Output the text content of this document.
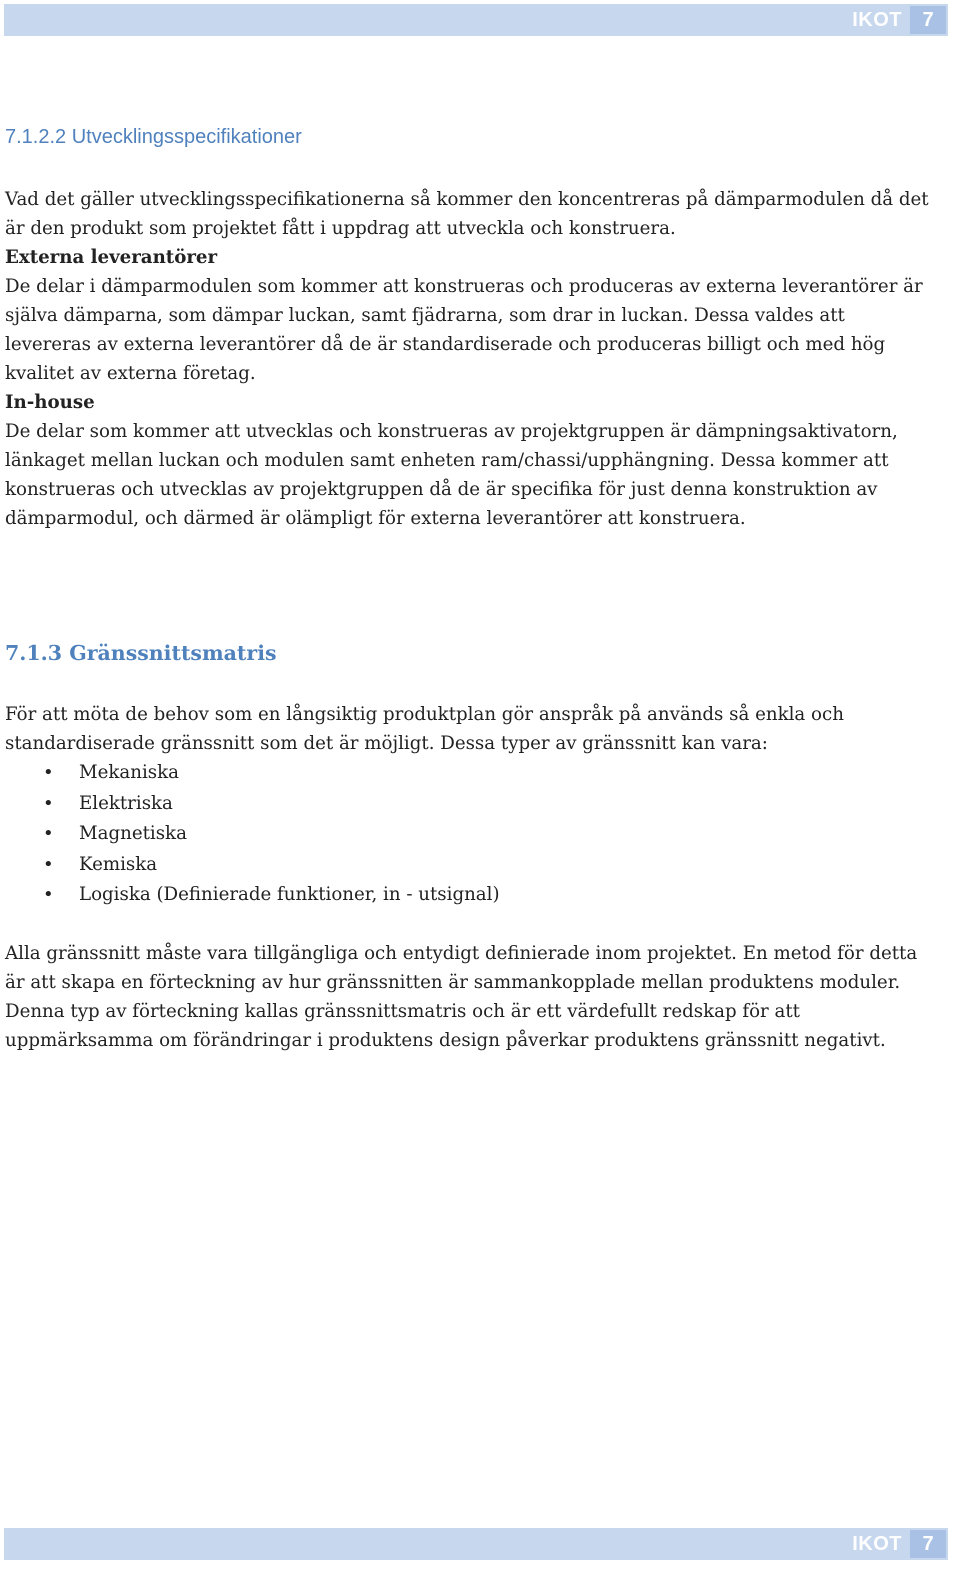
IKOT	7
7.1.2.2 Utvecklingsspecifikationer

Vad det gäller utvecklingsspecifikationerna så kommer den koncentreras på dämparmodulen då det är den produkt som projektet fått i uppdrag att utveckla och konstruera.

Externa leverantörer

De delar i dämparmodulen som kommer att konstrueras och produceras av externa leverantörer är själva dämparna, som dämpar luckan, samt fjädrarna, som drar in luckan. Dessa valdes att levereras av externa leverantörer då de är standardiserade och produceras billigt och med hög kvalitet av externa företag.

In-house

De delar som kommer att utvecklas och konstrueras av projektgruppen är dämpningsaktivatorn, länkaget mellan luckan och modulen samt enheten ram/chassi/upphängning. Dessa kommer att konstrueras och utvecklas av projektgruppen då de är specifika för just denna konstruktion av dämparmodul, och därmed är olämpligt för externa leverantörer att konstruera.

7.1.3 Gränssnittsmatris

För att möta de behov som en långsiktig produktplan gör anspråk på används så enkla och standardiserade gränssnitt som det är möjligt. Dessa typer av gränssnitt kan vara:

• Mekaniska
• Elektriska
• Magnetiska
• Kemiska
• Logiska (Definierade funktioner, in - utsignal)

Alla gränssnitt måste vara tillgängliga och entydigt definierade inom projektet. En metod för detta är att skapa en förteckning av hur gränssnitten är sammankopplade mellan produktens moduler.

Denna typ av förteckning kallas gränssnittsmatris och är ett värdefullt redskap för att uppmärksamma om förändringar i produktens design påverkar produktens gränssnitt negativt.

IKOT	7
